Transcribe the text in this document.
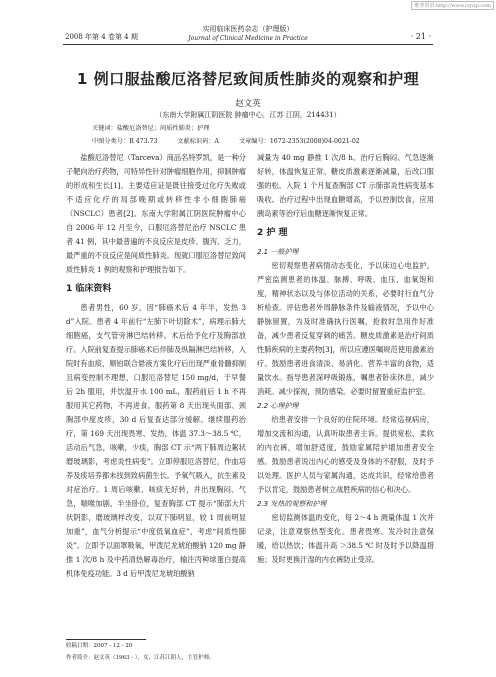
维普资讯 http://www.cqvip.com
2008 年第 4 卷第 4 期
实用临床医药杂志（护理版）
Journal of Clinical Medicine in Practice	· 21 ·
1 例口服盐酸厄洛替尼致间质性肺炎的观察和护理
赵文英
（东南大学附属江阴医院 肿瘤中心，江苏 江阴，214431）
关键词：盐酸厄洛替尼；间质性肺炎；护理
中图分类号：R 473.73	文献标识码：A	文章编号：1672-2353(2008)04-0021-02

盐酸厄洛替尼（Tarceva）商品名特罗凯，是一种分子靶向治疗药物，可特异性针对肿瘤细胞作用，抑制肿瘤的形成和生长[1]。主要适应证是既往接受过化疗失败或不适应化疗的局部晚期或转移性非小细胞肺癌（NSCLC）患者[2]。东南大学附属江阴医院肿瘤中心自 2006 年 12 月至今，口服厄洛替尼治疗 NSCLC 患者 41 例，其中最普遍的不良反应是皮疹、腹泻、乏力，最严重的不良反应是间质性肺炎。现就口服厄洛替尼致间质性肺炎 1 例的观察和护理报告如下。

1 临床资料

患者男性，60 岁，因“肺癌术后 4 年半，发热 3 d”入院。患者 4 年前行“左肺下叶切除术”，病理示肺大细胞癌，支气管旁淋巴结转移。术后给予化疗及胸部放疗。入院前复查提示肺癌术后伴肺及纵隔淋巴结转移，入院时有血痰，顺铂联合悬液方案化疗后出现严重骨髓抑制且病变控制不理想，口服厄洛替尼 150 mg/d，于早餐后 2h 服用，并饮温开水 100 mL，服药前后 1 h 不再服用其它药物，不再进食。服药第 8 天出现头面部、颈胸部中度皮疹，30 d 后复查达部分缓解。继续服药治疗，第 169 天出现畏寒、发热，体温 37.3～38.5 ℃，活动后气急，咳嗽，少痰，胸部 CT 示“两下肺周边絮状磨玻璃影，考虑炎性病变”。立即停服厄洛替尼，作血培养及痰培养都未找到致病菌生长。予氧气吸入，抗生素及对症治疗。1 周后咳嗽、咳痰无好转，并出现胸闷、气急，喘喉加剧，半坐卧位，复查胸部 CT 提示“肺部大片状阴影，磨玻璃样改变，以双下肺明显，较 1 周前明显加重”，血气分析提示“中度低氧血症”，考虑“间质性肺炎”。立即予以面罩吸氧，甲泼尼龙琥珀酸钠 120 mg 静推 1 次/8 h 及中药清热解毒治疗，输注丙种球蛋白提高机体免疫功能。3 d 后甲泼尼龙琥珀酸钠

减量为 40 mg 静推 1 次/8 h。治疗后胸闷、气急逐渐好转，体温恢复正常。糖皮质激素逐渐减量，后改口服强的松。入院 1 个月复查胸部 CT 示肺部炎性病变基本吸收。治疗过程中出现血糖增高，予以控制饮食，应用胰岛素等治疗后血糖逐渐恢复正常。

2 护 理
2.1 一般护理

密切观察患者病情动态变化，予以床边心电监护，严密监测患者的体温、脉搏、呼吸、血压、血氧饱和度，精神状态以及与体位活动的关系，必要时行血气分析检查。评估患者外周静脉条件及输液情况，予以中心静脉留置，为及时准确执行医嘱，抢救时急用作好准备，减少患者反复穿刺的痛苦。糖皮质激素是治疗间质性肺疾病的主要药物[3]，所以应遵医嘱规范使用激素治疗。鼓励患者进食清淡、易消化、营养丰富的食物，适量饮水。指导患者深呼吸锻炼，嘱患者卧床休息，减少消耗。减少探视，预防感染。必要时留置重症监护室。

2.2 心理护理

给患者安排一个良好的住院环境。经常巡视病房，增加交流和沟通，认真听取患者主诉。提供宽松、柔软的内衣裤，增加舒适度，鼓励家属陪护增加患者安全感。鼓励患者说出内心的感受及身体的不舒服，及时予以处理。医护人员与家属沟通，达成共识，经常给患者予以肯定，鼓励患者树立战胜疾病的信心和决心。

2.3 发热的观察和护理

密切监测体温的变化，每 2～4 h 测量体温 1 次并记录，注意观察热型变化。患者畏寒、发冷时注意保暖，给以热饮；体温升高 ＞38.5 ℃ 时及时予以降温措施；及时更换汗湿的内衣裤防止受凉。

收稿日期：2007 - 12 - 20
作者简介：赵文英（1963 - ），女，江苏江阴人，主管护师。
